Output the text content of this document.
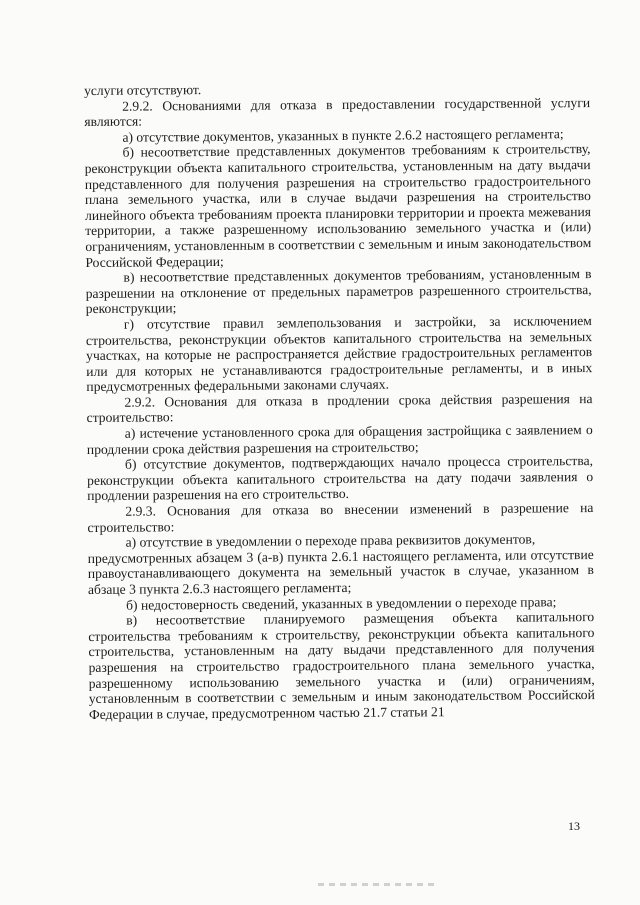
услуги отсутствуют.

2.9.2. Основаниями для отказа в предоставлении государственной услуги являются:

а) отсутствие документов, указанных в пункте 2.6.2 настоящего регламента;

б) несоответствие представленных документов требованиям к строительству, реконструкции объекта капитального строительства, установленным на дату выдачи представленного для получения разрешения на строительство градостроительного плана земельного участка, или в случае выдачи разрешения на строительство линейного объекта требованиям проекта планировки территории и проекта межевания территории, а также разрешенному использованию земельного участка и (или) ограничениям, установленным в соответствии с земельным и иным законодательством Российской Федерации;

в) несоответствие представленных документов требованиям, установленным в разрешении на отклонение от предельных параметров разрешенного строительства, реконструкции;

г) отсутствие правил землепользования и застройки, за исключением строительства, реконструкции объектов капитального строительства на земельных участках, на которые не распространяется действие градостроительных регламентов или для которых не устанавливаются градостроительные регламенты, и в иных предусмотренных федеральными законами случаях.

2.9.2. Основания для отказа в продлении срока действия разрешения на строительство:

а) истечение установленного срока для обращения застройщика с заявлением о продлении срока действия разрешения на строительство;

б) отсутствие документов, подтверждающих начало процесса строительства, реконструкции объекта капитального строительства на дату подачи заявления о продлении разрешения на его строительство.

2.9.3. Основания для отказа во внесении изменений в разрешение на строительство:

а) отсутствие в уведомлении о переходе права реквизитов документов,

предусмотренных абзацем 3 (а-в) пункта 2.6.1 настоящего регламента, или отсутствие правоустанавливающего документа на земельный участок в случае, указанном в абзаце 3 пункта 2.6.3 настоящего регламента;

б) недостоверность сведений, указанных в уведомлении о переходе права;

в) несоответствие планируемого размещения объекта капитального строительства требованиям к строительству, реконструкции объекта капитального строительства, установленным на дату выдачи представленного для получения разрешения на строительство градостроительного плана земельного участка, разрешенному использованию земельного участка и (или) ограничениям, установленным в соответствии с земельным и иным законодательством Российской Федерации в случае, предусмотренном частью 21.7 статьи 21

13
